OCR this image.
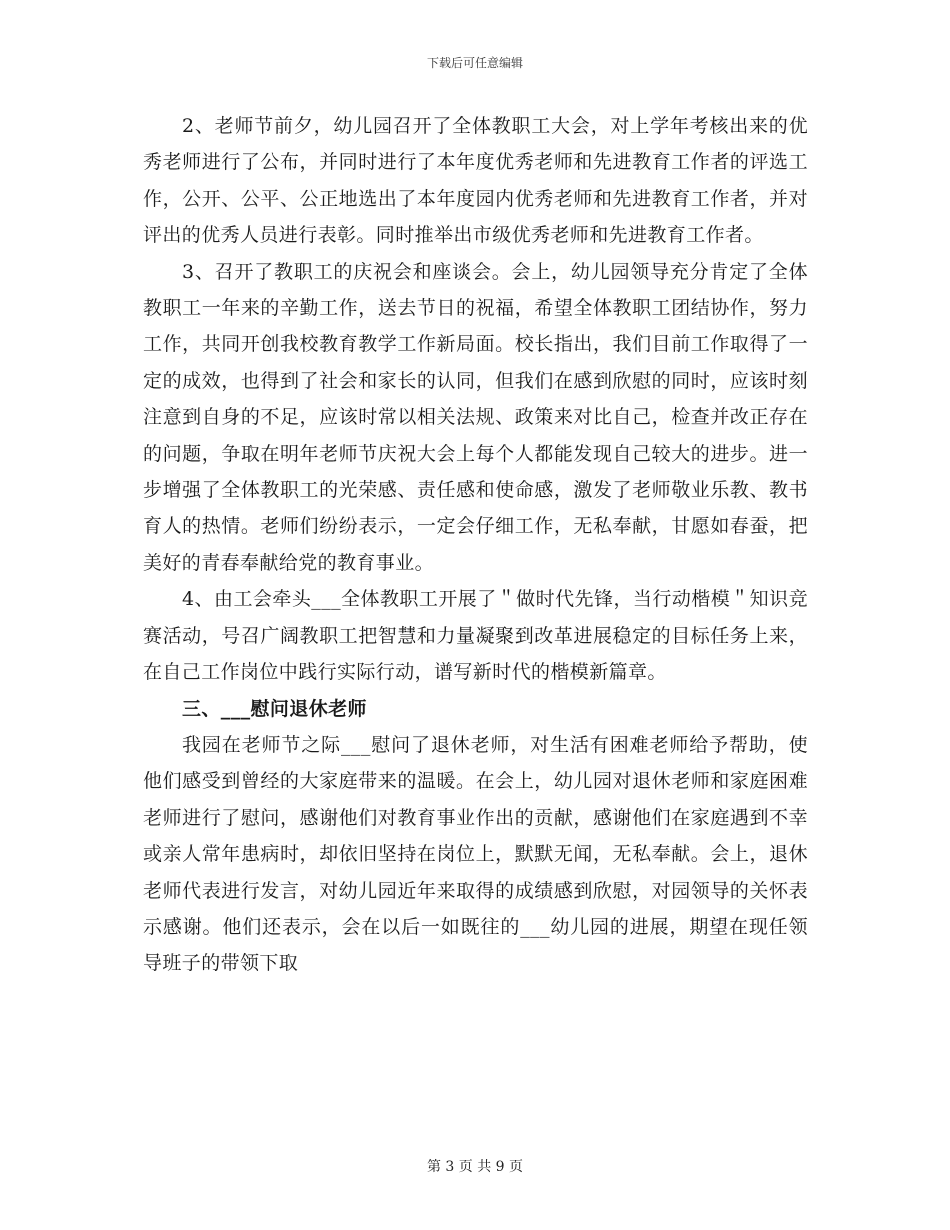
下载后可任意编辑

2、老师节前夕，幼儿园召开了全体教职工大会，对上学年考核出来的优秀老师进行了公布，并同时进行了本年度优秀老师和先进教育工作者的评选工作，公开、公平、公正地选出了本年度园内优秀老师和先进教育工作者，并对评出的优秀人员进行表彰。同时推举出市级优秀老师和先进教育工作者。

3、召开了教职工的庆祝会和座谈会。会上，幼儿园领导充分肯定了全体教职工一年来的辛勤工作，送去节日的祝福，希望全体教职工团结协作，努力工作，共同开创我校教育教学工作新局面。校长指出，我们目前工作取得了一定的成效，也得到了社会和家长的认同，但我们在感到欣慰的同时，应该时刻注意到自身的不足，应该时常以相关法规、政策来对比自己，检查并改正存在的问题，争取在明年老师节庆祝大会上每个人都能发现自己较大的进步。进一步增强了全体教职工的光荣感、责任感和使命感，激发了老师敬业乐教、教书育人的热情。老师们纷纷表示，一定会仔细工作，无私奉献，甘愿如春蚕，把美好的青春奉献给党的教育事业。

4、由工会牵头___全体教职工开展了＂做时代先锋，当行动楷模＂知识竞赛活动，号召广阔教职工把智慧和力量凝聚到改革进展稳定的目标任务上来，在自己工作岗位中践行实际行动，谱写新时代的楷模新篇章。

三、___慰问退休老师

我园在老师节之际___慰问了退休老师，对生活有困难老师给予帮助，使他们感受到曾经的大家庭带来的温暖。在会上，幼儿园对退休老师和家庭困难老师进行了慰问，感谢他们对教育事业作出的贡献，感谢他们在家庭遇到不幸或亲人常年患病时，却依旧坚持在岗位上，默默无闻，无私奉献。会上，退休老师代表进行发言，对幼儿园近年来取得的成绩感到欣慰，对园领导的关怀表示感谢。他们还表示，会在以后一如既往的___幼儿园的进展，期望在现任领导班子的带领下取

第 3 页 共 9 页
